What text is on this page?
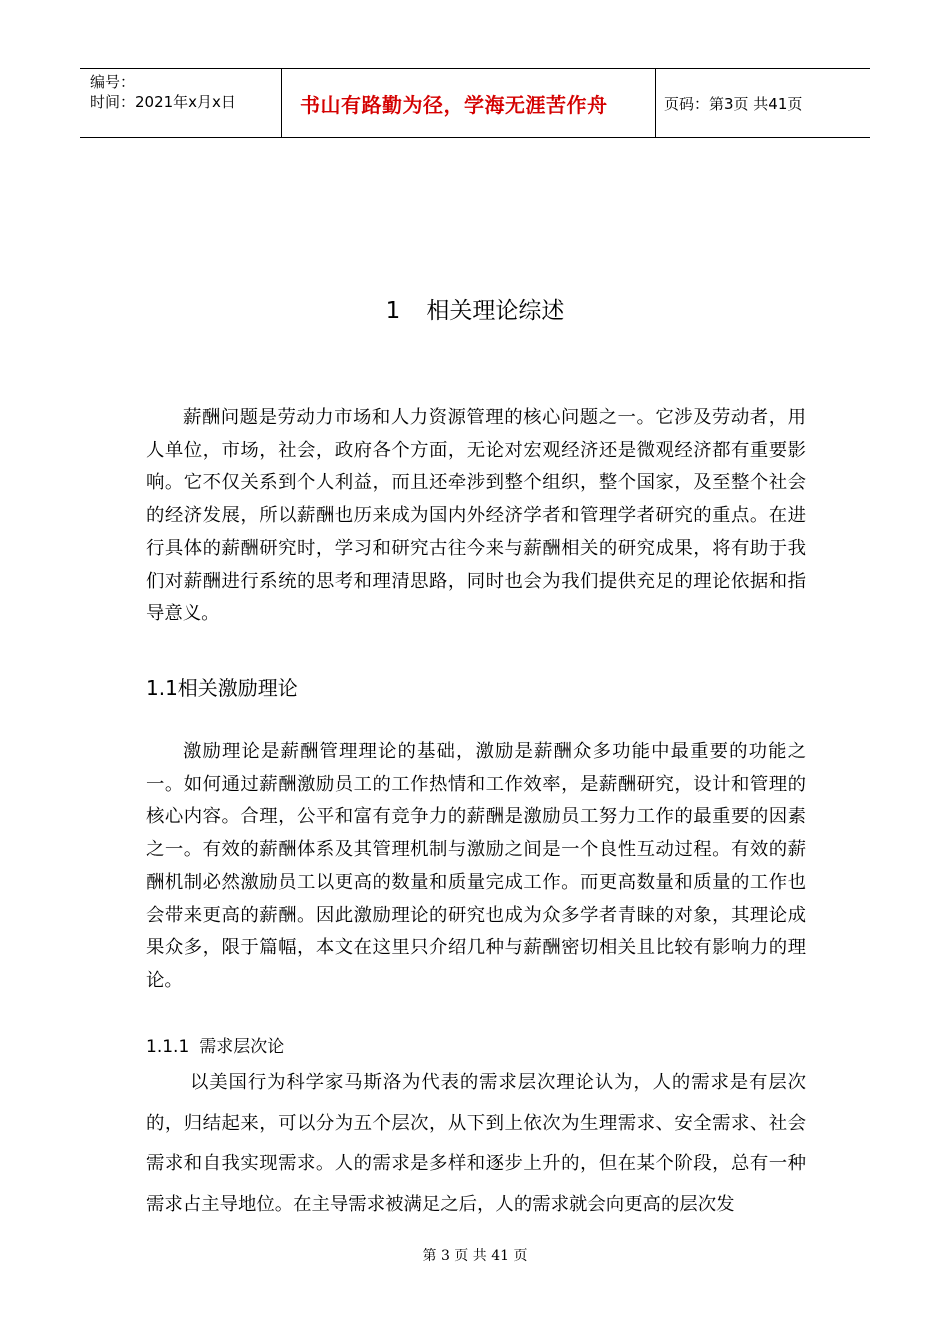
编号：
时间：2021年x月x日	书山有路勤为径，学海无涯苦作舟	页码：第3页 共41页
1 相关理论综述

薪酬问题是劳动力市场和人力资源管理的核心问题之一。它涉及劳动者，用人单位，市场，社会，政府各个方面，无论对宏观经济还是微观经济都有重要影响。它不仅关系到个人利益，而且还牵涉到整个组织，整个国家，及至整个社会的经济发展，所以薪酬也历来成为国内外经济学者和管理学者研究的重点。在进行具体的薪酬研究时，学习和研究古往今来与薪酬相关的研究成果，将有助于我们对薪酬进行系统的思考和理清思路，同时也会为我们提供充足的理论依据和指导意义。

1.1相关激励理论

激励理论是薪酬管理理论的基础，激励是薪酬众多功能中最重要的功能之一。如何通过薪酬激励员工的工作热情和工作效率，是薪酬研究，设计和管理的核心内容。合理，公平和富有竞争力的薪酬是激励员工努力工作的最重要的因素之一。有效的薪酬体系及其管理机制与激励之间是一个良性互动过程。有效的薪酬机制必然激励员工以更高的数量和质量完成工作。而更高数量和质量的工作也会带来更高的薪酬。因此激励理论的研究也成为众多学者青睐的对象，其理论成果众多，限于篇幅，本文在这里只介绍几种与薪酬密切相关且比较有影响力的理论。

1.1.1 需求层次论

以美国行为科学家马斯洛为代表的需求层次理论认为，人的需求是有层次的，归结起来，可以分为五个层次，从下到上依次为生理需求、安全需求、社会需求和自我实现需求。人的需求是多样和逐步上升的，但在某个阶段，总有一种需求占主导地位。在主导需求被满足之后，人的需求就会向更高的层次发

第 3 页 共 41 页
